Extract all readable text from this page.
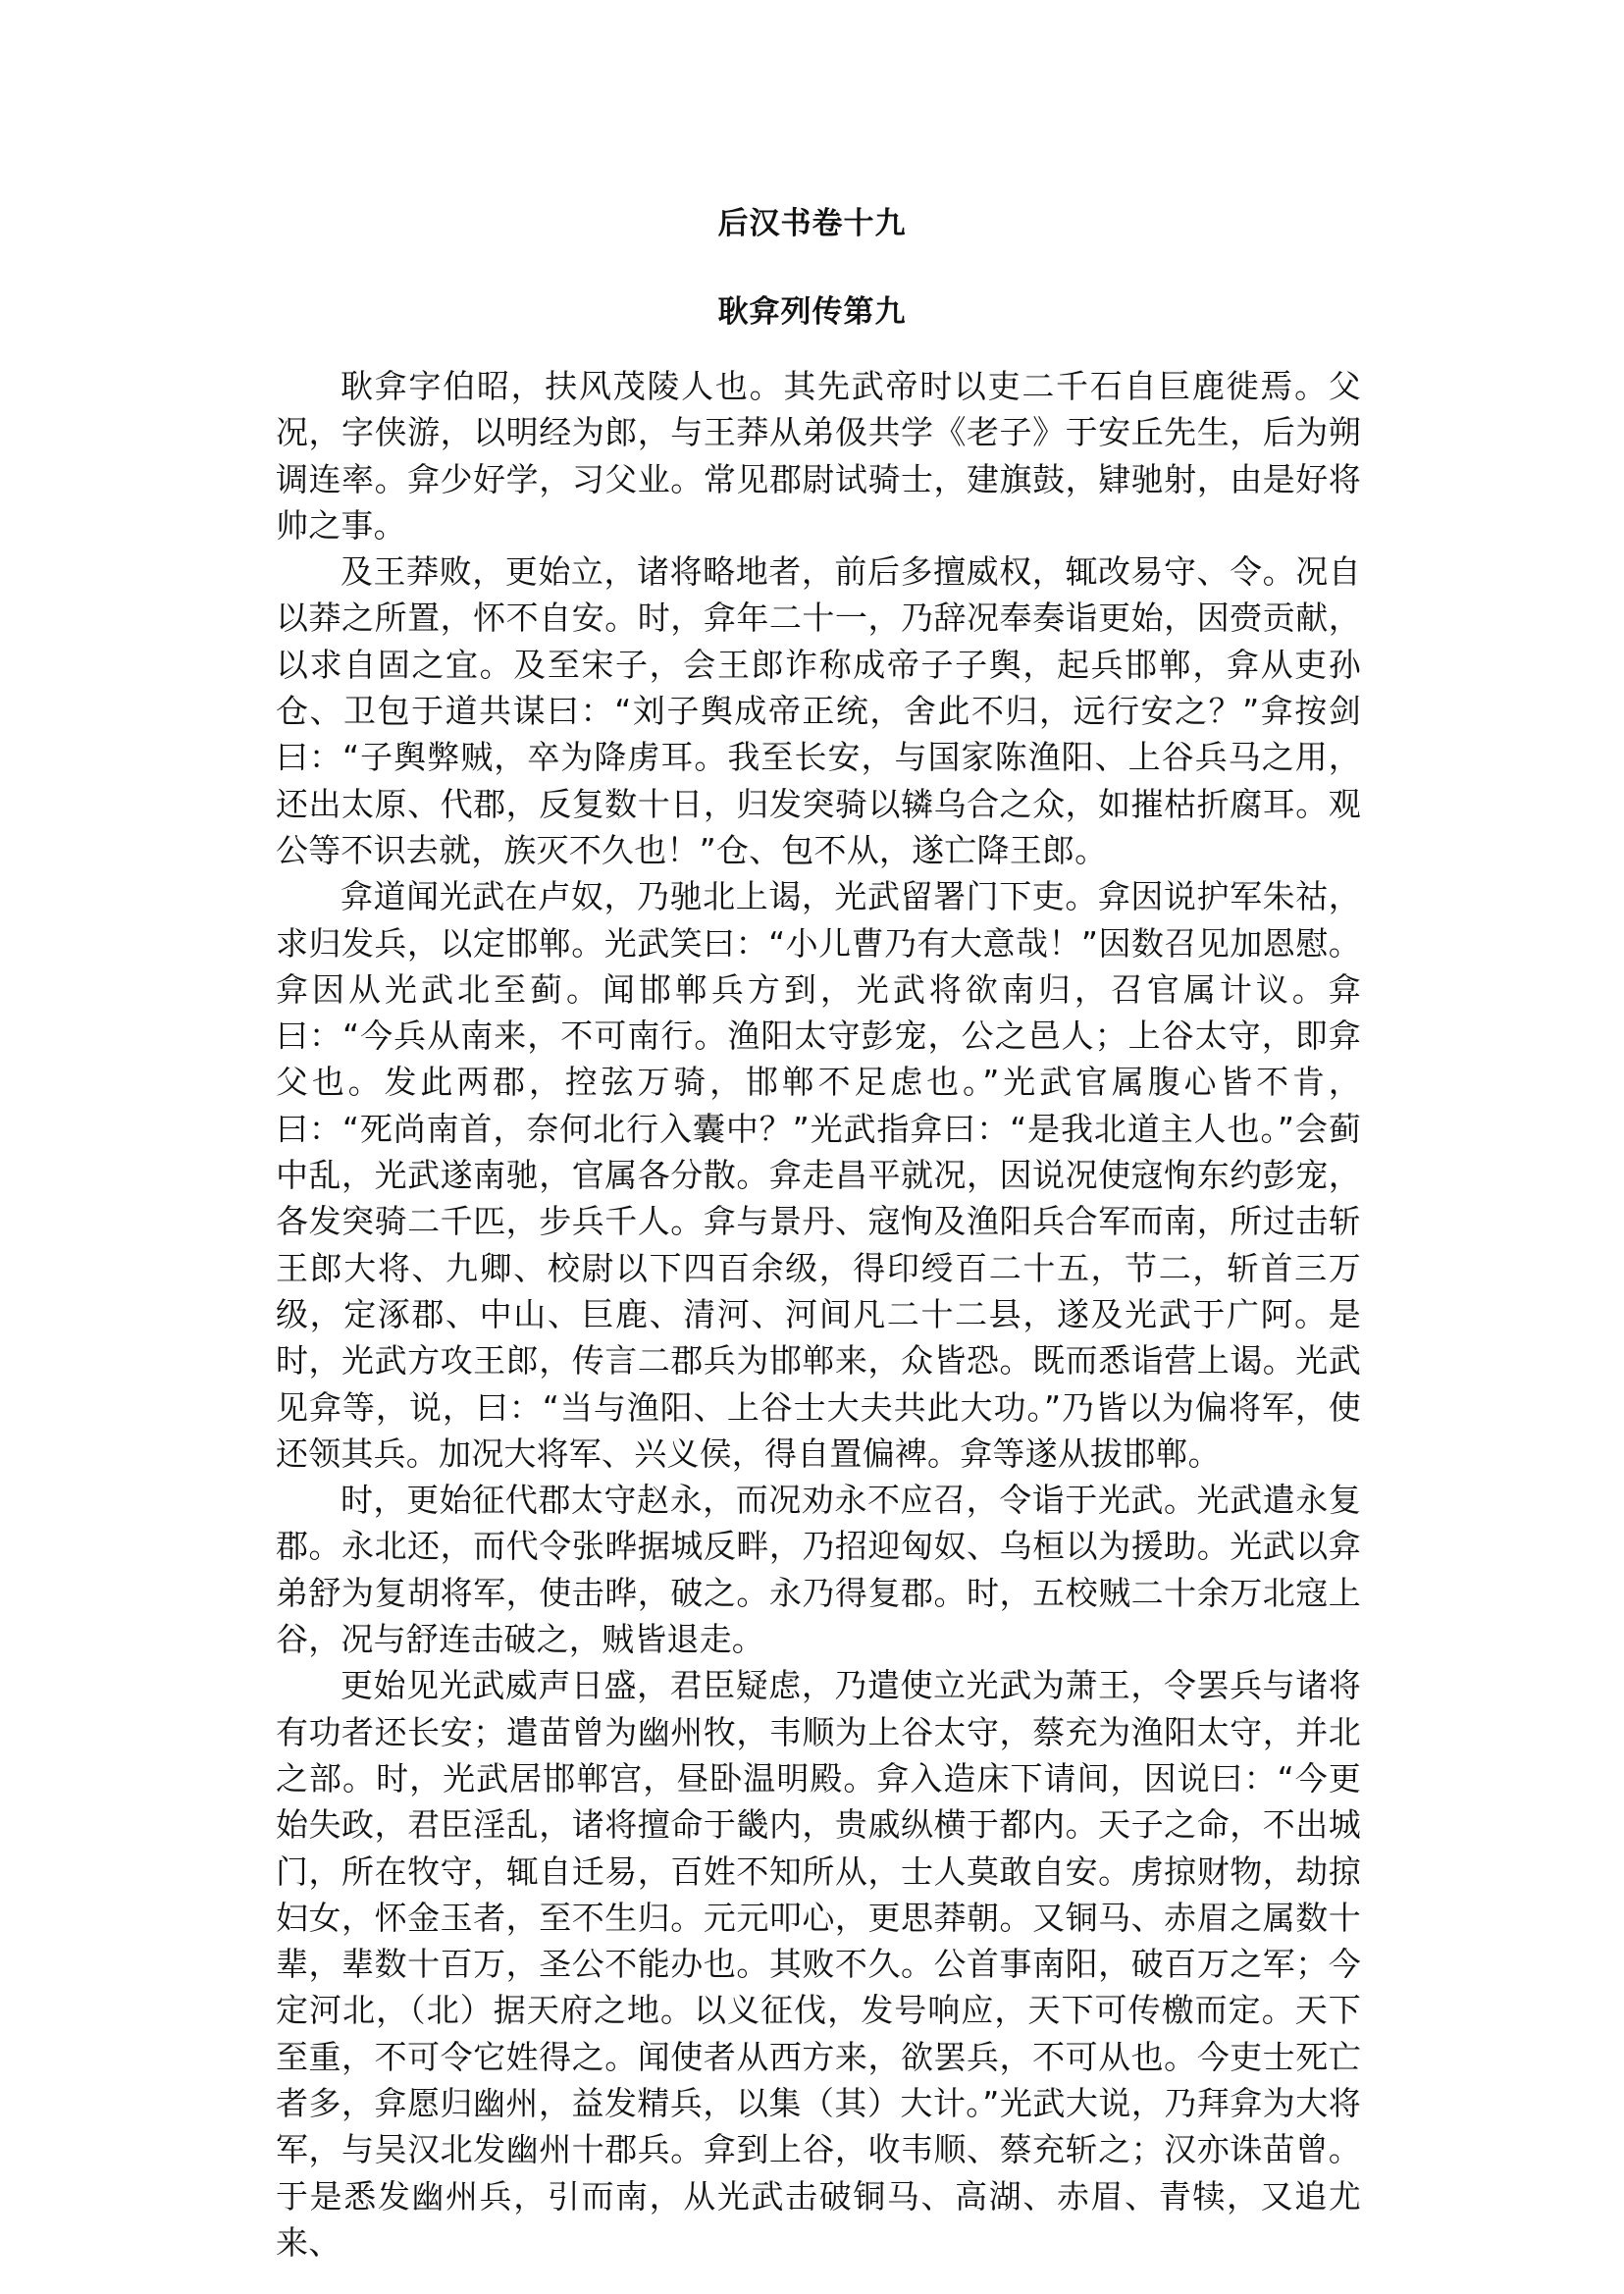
后汉书卷十九
耿弇列传第九

耿弇字伯昭，扶风茂陵人也。其先武帝时以吏二千石自巨鹿徙焉。父况，字侠游，以明经为郎，与王莽从弟伋共学《老子》于安丘先生，后为朔调连率。弇少好学，习父业。常见郡尉试骑士，建旗鼓，肄驰射，由是好将帅之事。

及王莽败，更始立，诸将略地者，前后多擅威权，辄改易守、令。况自以莽之所置，怀不自安。时，弇年二十一，乃辞况奉奏诣更始，因赍贡献，以求自固之宜。及至宋子，会王郎诈称成帝子子舆，起兵邯郸，弇从吏孙仓、卫包于道共谋曰：“刘子舆成帝正统，舍此不归，远行安之？”弇按剑曰：“子舆弊贼，卒为降虏耳。我至长安，与国家陈渔阳、上谷兵马之用，还出太原、代郡，反复数十日，归发突骑以辚乌合之众，如摧枯折腐耳。观公等不识去就，族灭不久也！”仓、包不从，遂亡降王郎。

弇道闻光武在卢奴，乃驰北上谒，光武留署门下吏。弇因说护军朱祜，求归发兵，以定邯郸。光武笑曰：“小儿曹乃有大意哉！”因数召见加恩慰。弇因从光武北至蓟。闻邯郸兵方到，光武将欲南归，召官属计议。弇曰：“今兵从南来，不可南行。渔阳太守彭宠，公之邑人；上谷太守，即弇父也。发此两郡，控弦万骑，邯郸不足虑也。”光武官属腹心皆不肯，曰：“死尚南首，奈何北行入囊中？”光武指弇曰：“是我北道主人也。”会蓟中乱，光武遂南驰，官属各分散。弇走昌平就况，因说况使寇恂东约彭宠，各发突骑二千匹，步兵千人。弇与景丹、寇恂及渔阳兵合军而南，所过击斩王郎大将、九卿、校尉以下四百余级，得印绶百二十五，节二，斩首三万级，定涿郡、中山、巨鹿、清河、河间凡二十二县，遂及光武于广阿。是时，光武方攻王郎，传言二郡兵为邯郸来，众皆恐。既而悉诣营上谒。光武见弇等，说，曰：“当与渔阳、上谷士大夫共此大功。”乃皆以为偏将军，使还领其兵。加况大将军、兴义侯，得自置偏裨。弇等遂从拔邯郸。

时，更始征代郡太守赵永，而况劝永不应召，令诣于光武。光武遣永复郡。永北还，而代令张晔据城反畔，乃招迎匈奴、乌桓以为援助。光武以弇弟舒为复胡将军，使击晔，破之。永乃得复郡。时，五校贼二十余万北寇上谷，况与舒连击破之，贼皆退走。

更始见光武威声日盛，君臣疑虑，乃遣使立光武为萧王，令罢兵与诸将有功者还长安；遣苗曾为幽州牧，韦顺为上谷太守，蔡充为渔阳太守，并北之部。时，光武居邯郸宫，昼卧温明殿。弇入造床下请间，因说曰：“今更始失政，君臣淫乱，诸将擅命于畿内，贵戚纵横于都内。天子之命，不出城门，所在牧守，辄自迁易，百姓不知所从，士人莫敢自安。虏掠财物，劫掠妇女，怀金玉者，至不生归。元元叩心，更思莽朝。又铜马、赤眉之属数十辈，辈数十百万，圣公不能办也。其败不久。公首事南阳，破百万之军；今定河北，（北）据天府之地。以义征伐，发号响应，天下可传檄而定。天下至重，不可令它姓得之。闻使者从西方来，欲罢兵，不可从也。今吏士死亡者多，弇愿归幽州，益发精兵，以集（其）大计。”光武大说，乃拜弇为大将军，与吴汉北发幽州十郡兵。弇到上谷，收韦顺、蔡充斩之；汉亦诛苗曾。于是悉发幽州兵，引而南，从光武击破铜马、高湖、赤眉、青犊，又追尤来、
